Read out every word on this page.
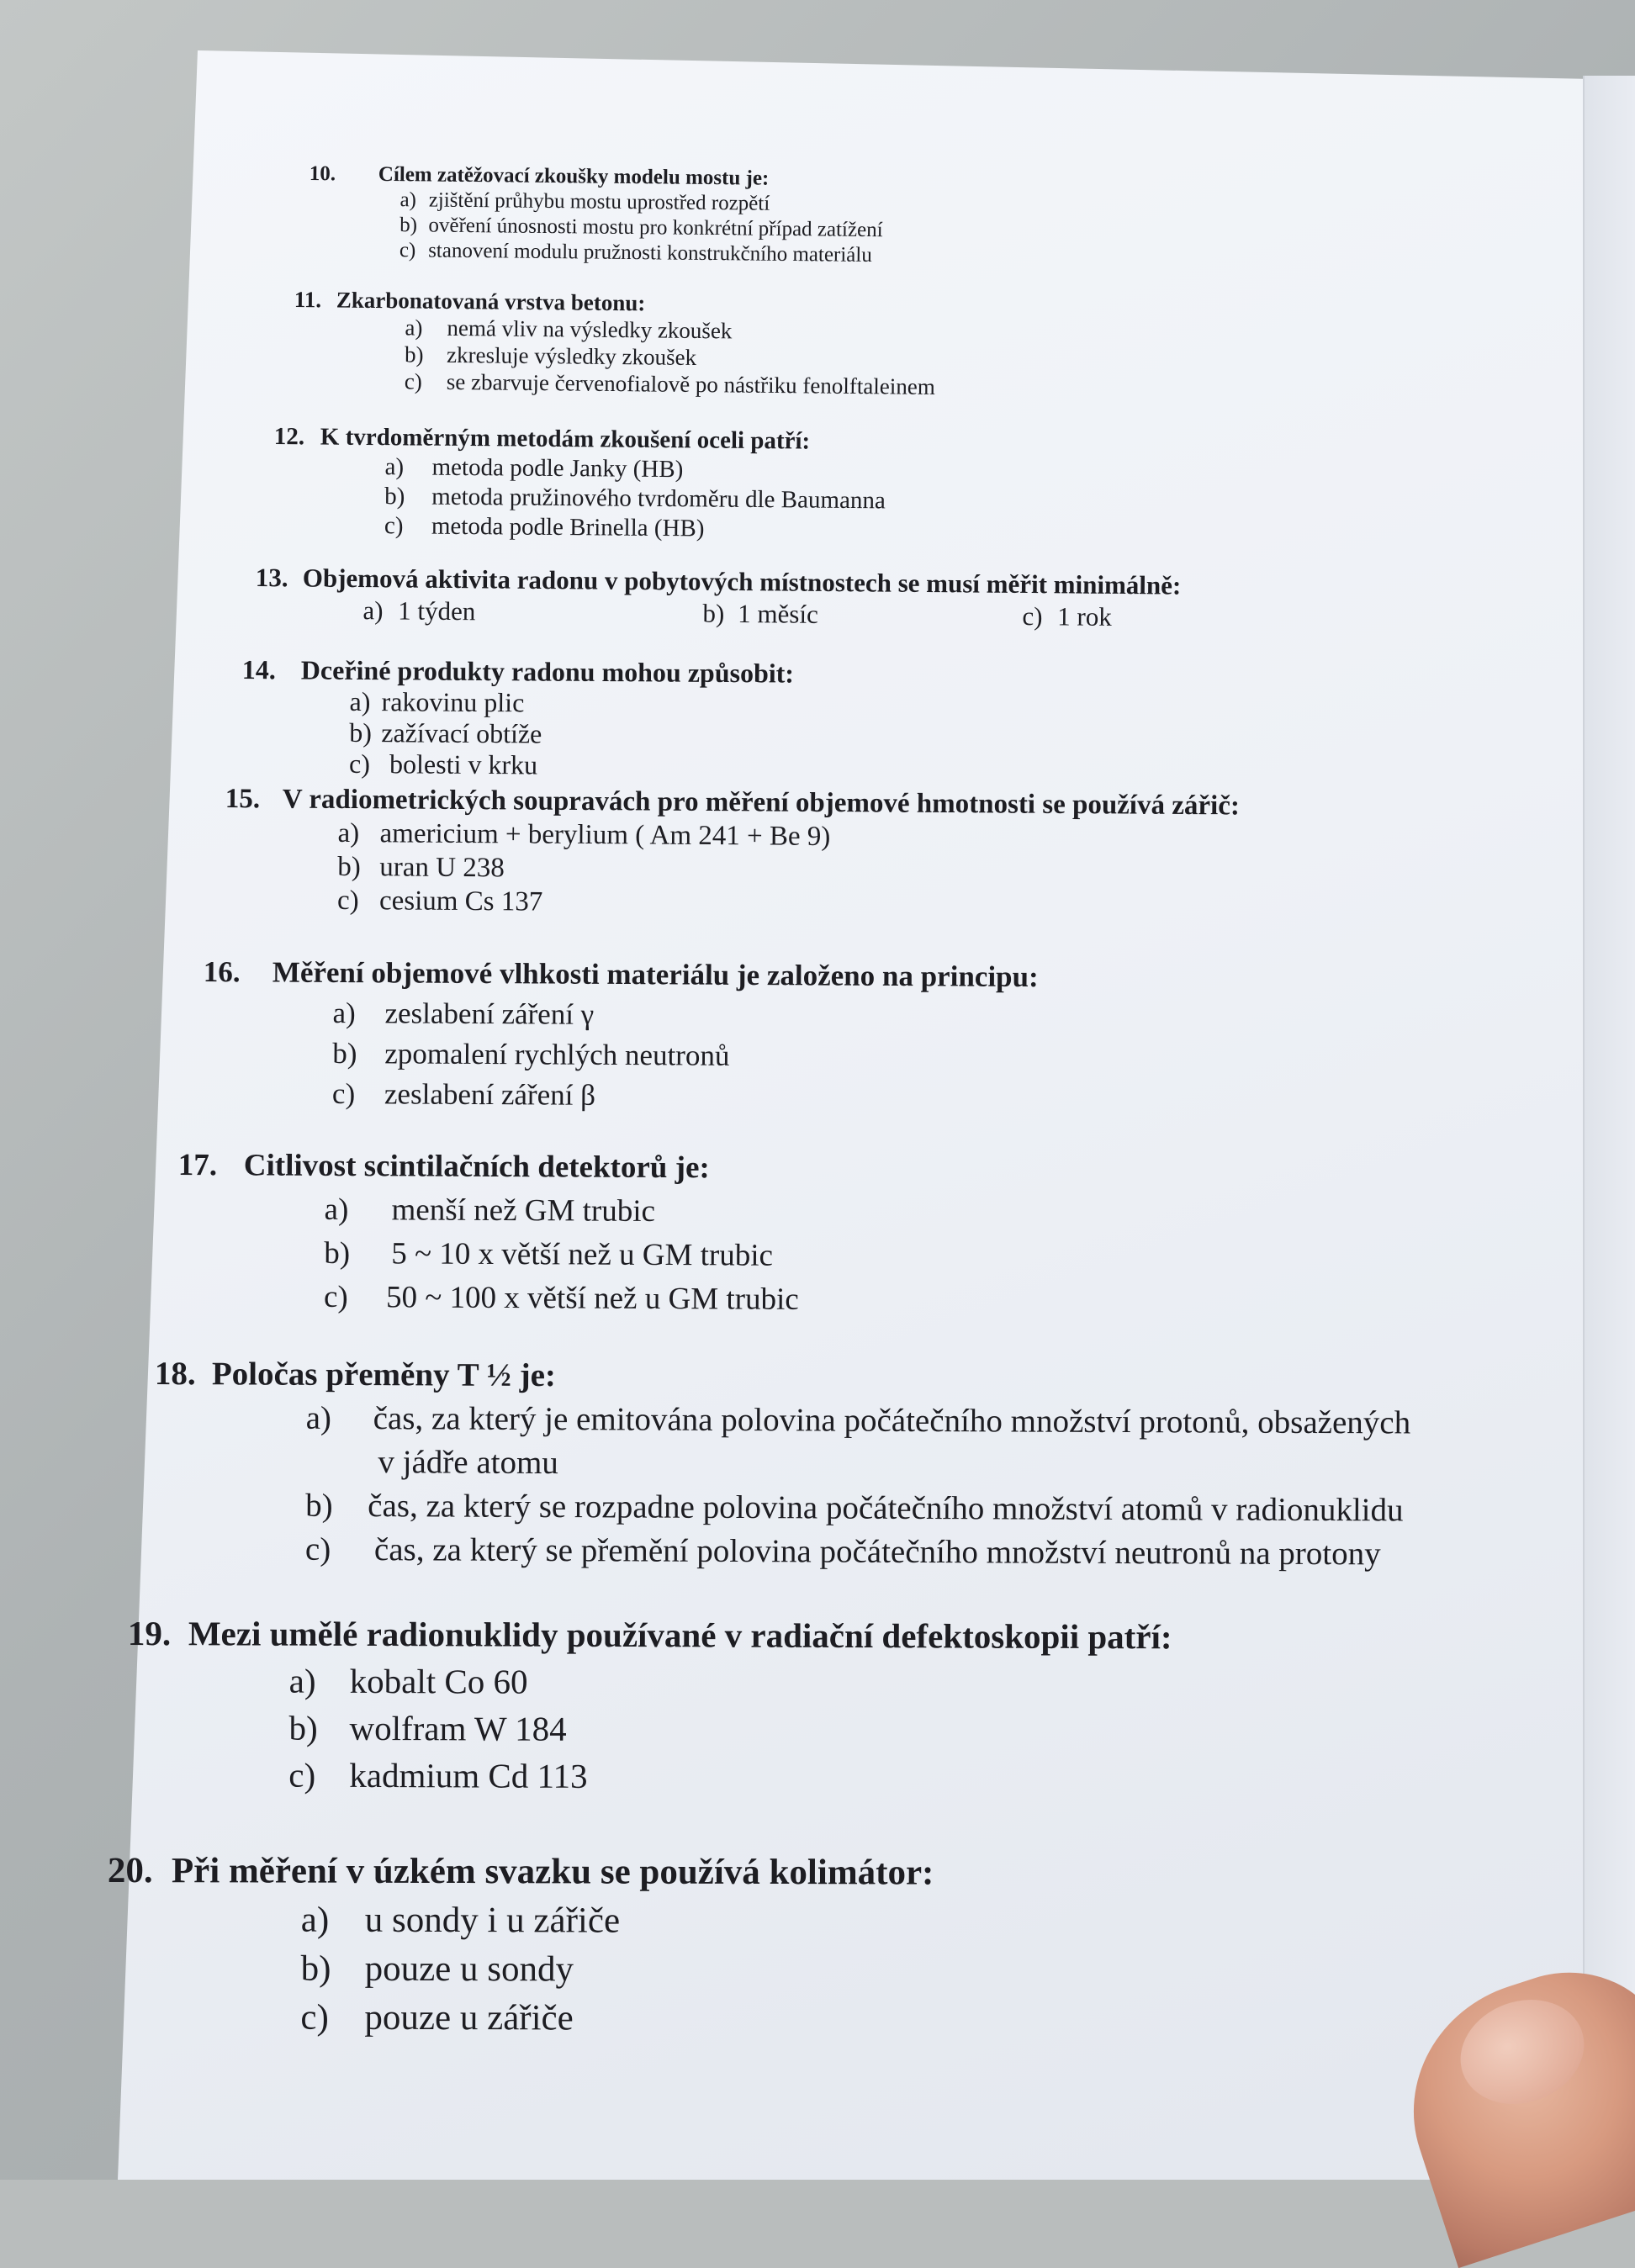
10. Cílem zatěžovací zkoušky modelu mostu je:
a) zjištění průhybu mostu uprostřed rozpětí
b) ověření únosnosti mostu pro konkrétní případ zatížení
c) stanovení modulu pružnosti konstrukčního materiálu
11. Zkarbonatovaná vrstva betonu:
a) nemá vliv na výsledky zkoušek
b) zkresluje výsledky zkoušek
c) se zbarvuje červenofialově po nástřiku fenolftaleinem
12. K tvrdoměrným metodám zkoušení oceli patří:
a) metoda podle Janky (HB)
b) metoda pružinového tvrdoměru dle Baumanna
c) metoda podle Brinella (HB)
13. Objemová aktivita radonu v pobytových místnostech se musí měřit minimálně:
a) 1 týden	b) 1 měsíc	c) 1 rok
14. Dceřiné produkty radonu mohou způsobit:
a) rakovinu plic
b) zažívací obtíže
c) bolesti v krku
15. V radiometrických soupravách pro měření objemové hmotnosti se používá zářič:
a) americium + berylium ( Am 241 + Be 9)
b) uran U 238
c) cesium Cs 137
16. Měření objemové vlhkosti materiálu je založeno na principu:
a) zeslabení záření γ
b) zpomalení rychlých neutronů
c) zeslabení záření β
17. Citlivost scintilačních detektorů je:
a) menší než GM trubic
b) 5 ~ 10 x větší než u GM trubic
c) 50 ~ 100 x větší než u GM trubic
18. Poločas přeměny T ½ je:
a) čas, za který je emitována polovina počátečního množství protonů, obsažených
v jádře atomu
b) čas, za který se rozpadne polovina počátečního množství atomů v radionuklidu
c) čas, za který se přemění polovina počátečního množství neutronů na protony
19. Mezi umělé radionuklidy používané v radiační defektoskopii patří:
a) kobalt Co 60
b) wolfram W 184
c) kadmium Cd 113
20. Při měření v úzkém svazku se používá kolimátor:
a) u sondy i u zářiče
b) pouze u sondy
c) pouze u zářiče
